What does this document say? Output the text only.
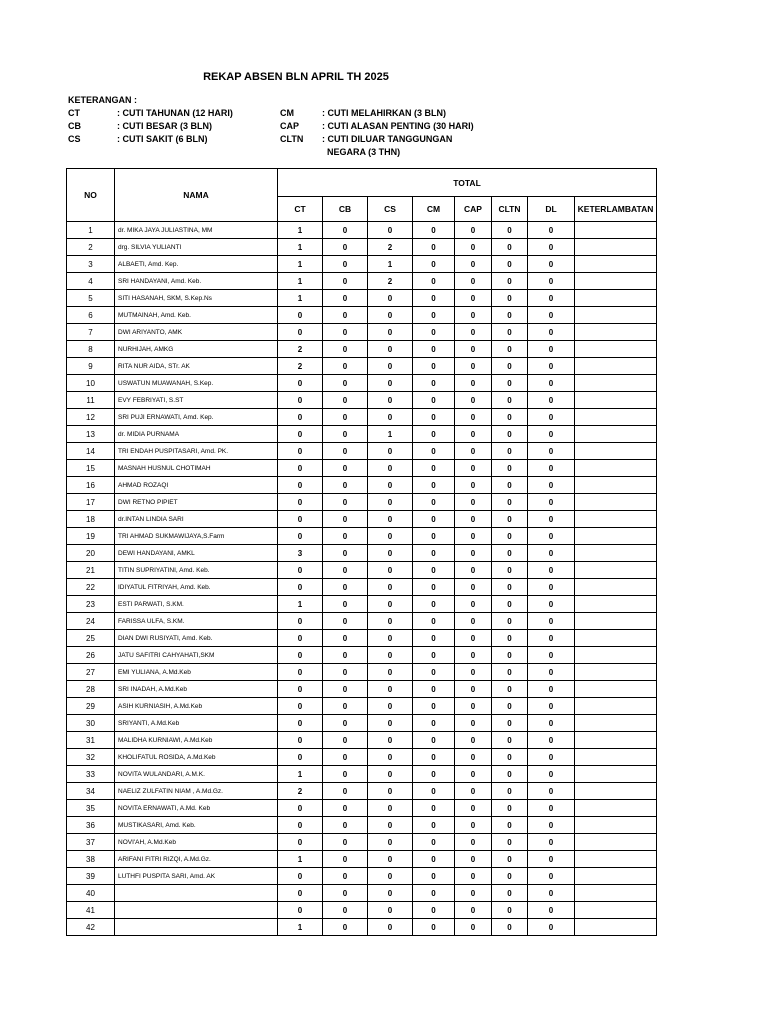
REKAP ABSEN BLN APRIL TH 2025
KETERANGAN :
CT	: CUTI TAHUNAN (12 HARI)	CM	: CUTI MELAHIRKAN (3 BLN)
CB	: CUTI BESAR (3 BLN)	CAP	: CUTI ALASAN PENTING (30 HARI)
CS	: CUTI SAKIT (6 BLN)	CLTN : CUTI DILUAR TANGGUNGAN
NEGARA (3 THN)
NO	NAMA	TOTAL							
		CT	CB	CS	CM	CAP	CLTN	DL	KETERLAMBATAN
1	dr. MIKA JAYA JULIASTINA, MM	1	0	0	0	0	0	0	
2	drg. SILVIA YULIANTI	1	0	2	0	0	0	0	
3	ALBAETI, Amd. Kep.	1	0	1	0	0	0	0	
4	SRI HANDAYANI, Amd. Keb.	1	0	2	0	0	0	0	
5	SITI HASANAH, SKM, S.Kep.Ns	1	0	0	0	0	0	0	
6	MUTMAINAH, Amd. Keb.	0	0	0	0	0	0	0	
7	DWI ARIYANTO, AMK	0	0	0	0	0	0	0	
8	NURHIJAH, AMKG	2	0	0	0	0	0	0	
9	RITA NUR AIDA, STr. AK	2	0	0	0	0	0	0	
10	USWATUN MUAWANAH, S.Kep.	0	0	0	0	0	0	0	
11	EVY FEBRIYATI, S.ST	0	0	0	0	0	0	0	
12	SRI PUJI ERNAWATI, Amd. Kep.	0	0	0	0	0	0	0	
13	dr. MIDIA PURNAMA	0	0	1	0	0	0	0	
14	TRI ENDAH PUSPITASARI, Amd. PK.	0	0	0	0	0	0	0	
15	MASNAH HUSNUL CHOTIMAH	0	0	0	0	0	0	0	
16	AHMAD ROZAQI	0	0	0	0	0	0	0	
17	DWI RETNO PIPIET	0	0	0	0	0	0	0	
18	dr.INTAN LINDIA SARI	0	0	0	0	0	0	0	
19	TRI AHMAD SUKMAWIJAYA,S.Farm	0	0	0	0	0	0	0	
20	DEWI HANDAYANI, AMKL	3	0	0	0	0	0	0	
21	TITIN SUPRIYATINI, Amd. Keb.	0	0	0	0	0	0	0	
22	IDIYATUL FITRIYAH, Amd. Keb.	0	0	0	0	0	0	0	
23	ESTI PARWATI, S.KM.	1	0	0	0	0	0	0	
24	FARISSA ULFA, S.KM.	0	0	0	0	0	0	0	
25	DIAN DWI RUSIYATI, Amd. Keb.	0	0	0	0	0	0	0	
26	JATU SAFITRI CAHYAHATI,SKM	0	0	0	0	0	0	0	
27	EMI YULIANA, A.Md.Keb	0	0	0	0	0	0	0	
28	SRI INADAH, A.Md.Keb	0	0	0	0	0	0	0	
29	ASIH KURNIASIH, A.Md.Keb	0	0	0	0	0	0	0	
30	SRIYANTI, A.Md.Keb	0	0	0	0	0	0	0	
31	MALIDHA KURNIAWI, A.Md.Keb	0	0	0	0	0	0	0	
32	KHOLIFATUL ROSIDA, A.Md.Keb	0	0	0	0	0	0	0	
33	NOVITA WULANDARI, A.M.K.	1	0	0	0	0	0	0	
34	NAELIZ ZULFATIN NIAM , A.Md.Gz.	2	0	0	0	0	0	0	
35	NOVITA ERNAWATI, A.Md. Keb	0	0	0	0	0	0	0	
36	MUSTIKASARI, Amd. Keb.	0	0	0	0	0	0	0	
37	NOVI'AH, A.Md.Keb	0	0	0	0	0	0	0	
38	ARIFANI FITRI RIZQI, A.Md.Gz.	1	0	0	0	0	0	0	
39	LUTHFI PUSPITA SARI, Amd. AK	0	0	0	0	0	0	0	
40		0	0	0	0	0	0	0	
41		0	0	0	0	0	0	0	
42		1	0	0	0	0	0	0	
